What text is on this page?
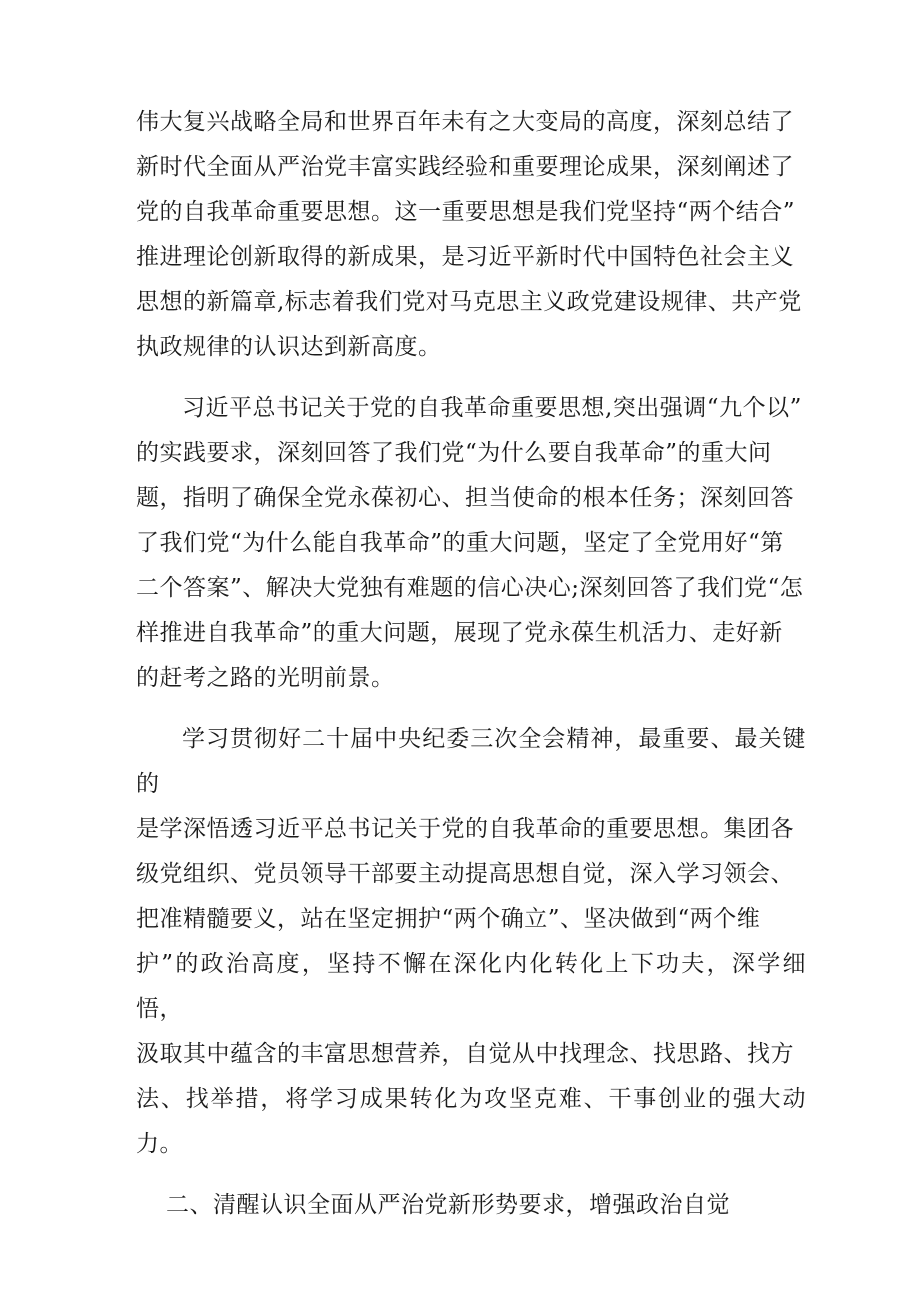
伟大复兴战略全局和世界百年未有之大变局的高度，深刻总结了
新时代全面从严治党丰富实践经验和重要理论成果，深刻阐述了
党的自我革命重要思想。这一重要思想是我们党坚持“两个结合”
推进理论创新取得的新成果，是习近平新时代中国特色社会主义
思想的新篇章,标志着我们党对马克思主义政党建设规律、共产党
执政规律的认识达到新高度。

习近平总书记关于党的自我革命重要思想,突出强调“九个以”
的实践要求，深刻回答了我们党“为什么要自我革命”的重大问
题，指明了确保全党永葆初心、担当使命的根本任务；深刻回答
了我们党“为什么能自我革命”的重大问题，坚定了全党用好“第
二个答案”、解决大党独有难题的信心决心;深刻回答了我们党“怎
样推进自我革命”的重大问题，展现了党永葆生机活力、走好新
的赶考之路的光明前景。

学习贯彻好二十届中央纪委三次全会精神，最重要、最关键的
是学深悟透习近平总书记关于党的自我革命的重要思想。集团各
级党组织、党员领导干部要主动提高思想自觉，深入学习领会、
把准精髓要义，站在坚定拥护“两个确立”、坚决做到“两个维
护”的政治高度，坚持不懈在深化内化转化上下功夫，深学细悟，
汲取其中蕴含的丰富思想营养，自觉从中找理念、找思路、找方
法、找举措，将学习成果转化为攻坚克难、干事创业的强大动力。

二、清醒认识全面从严治党新形势要求，增强政治自觉
